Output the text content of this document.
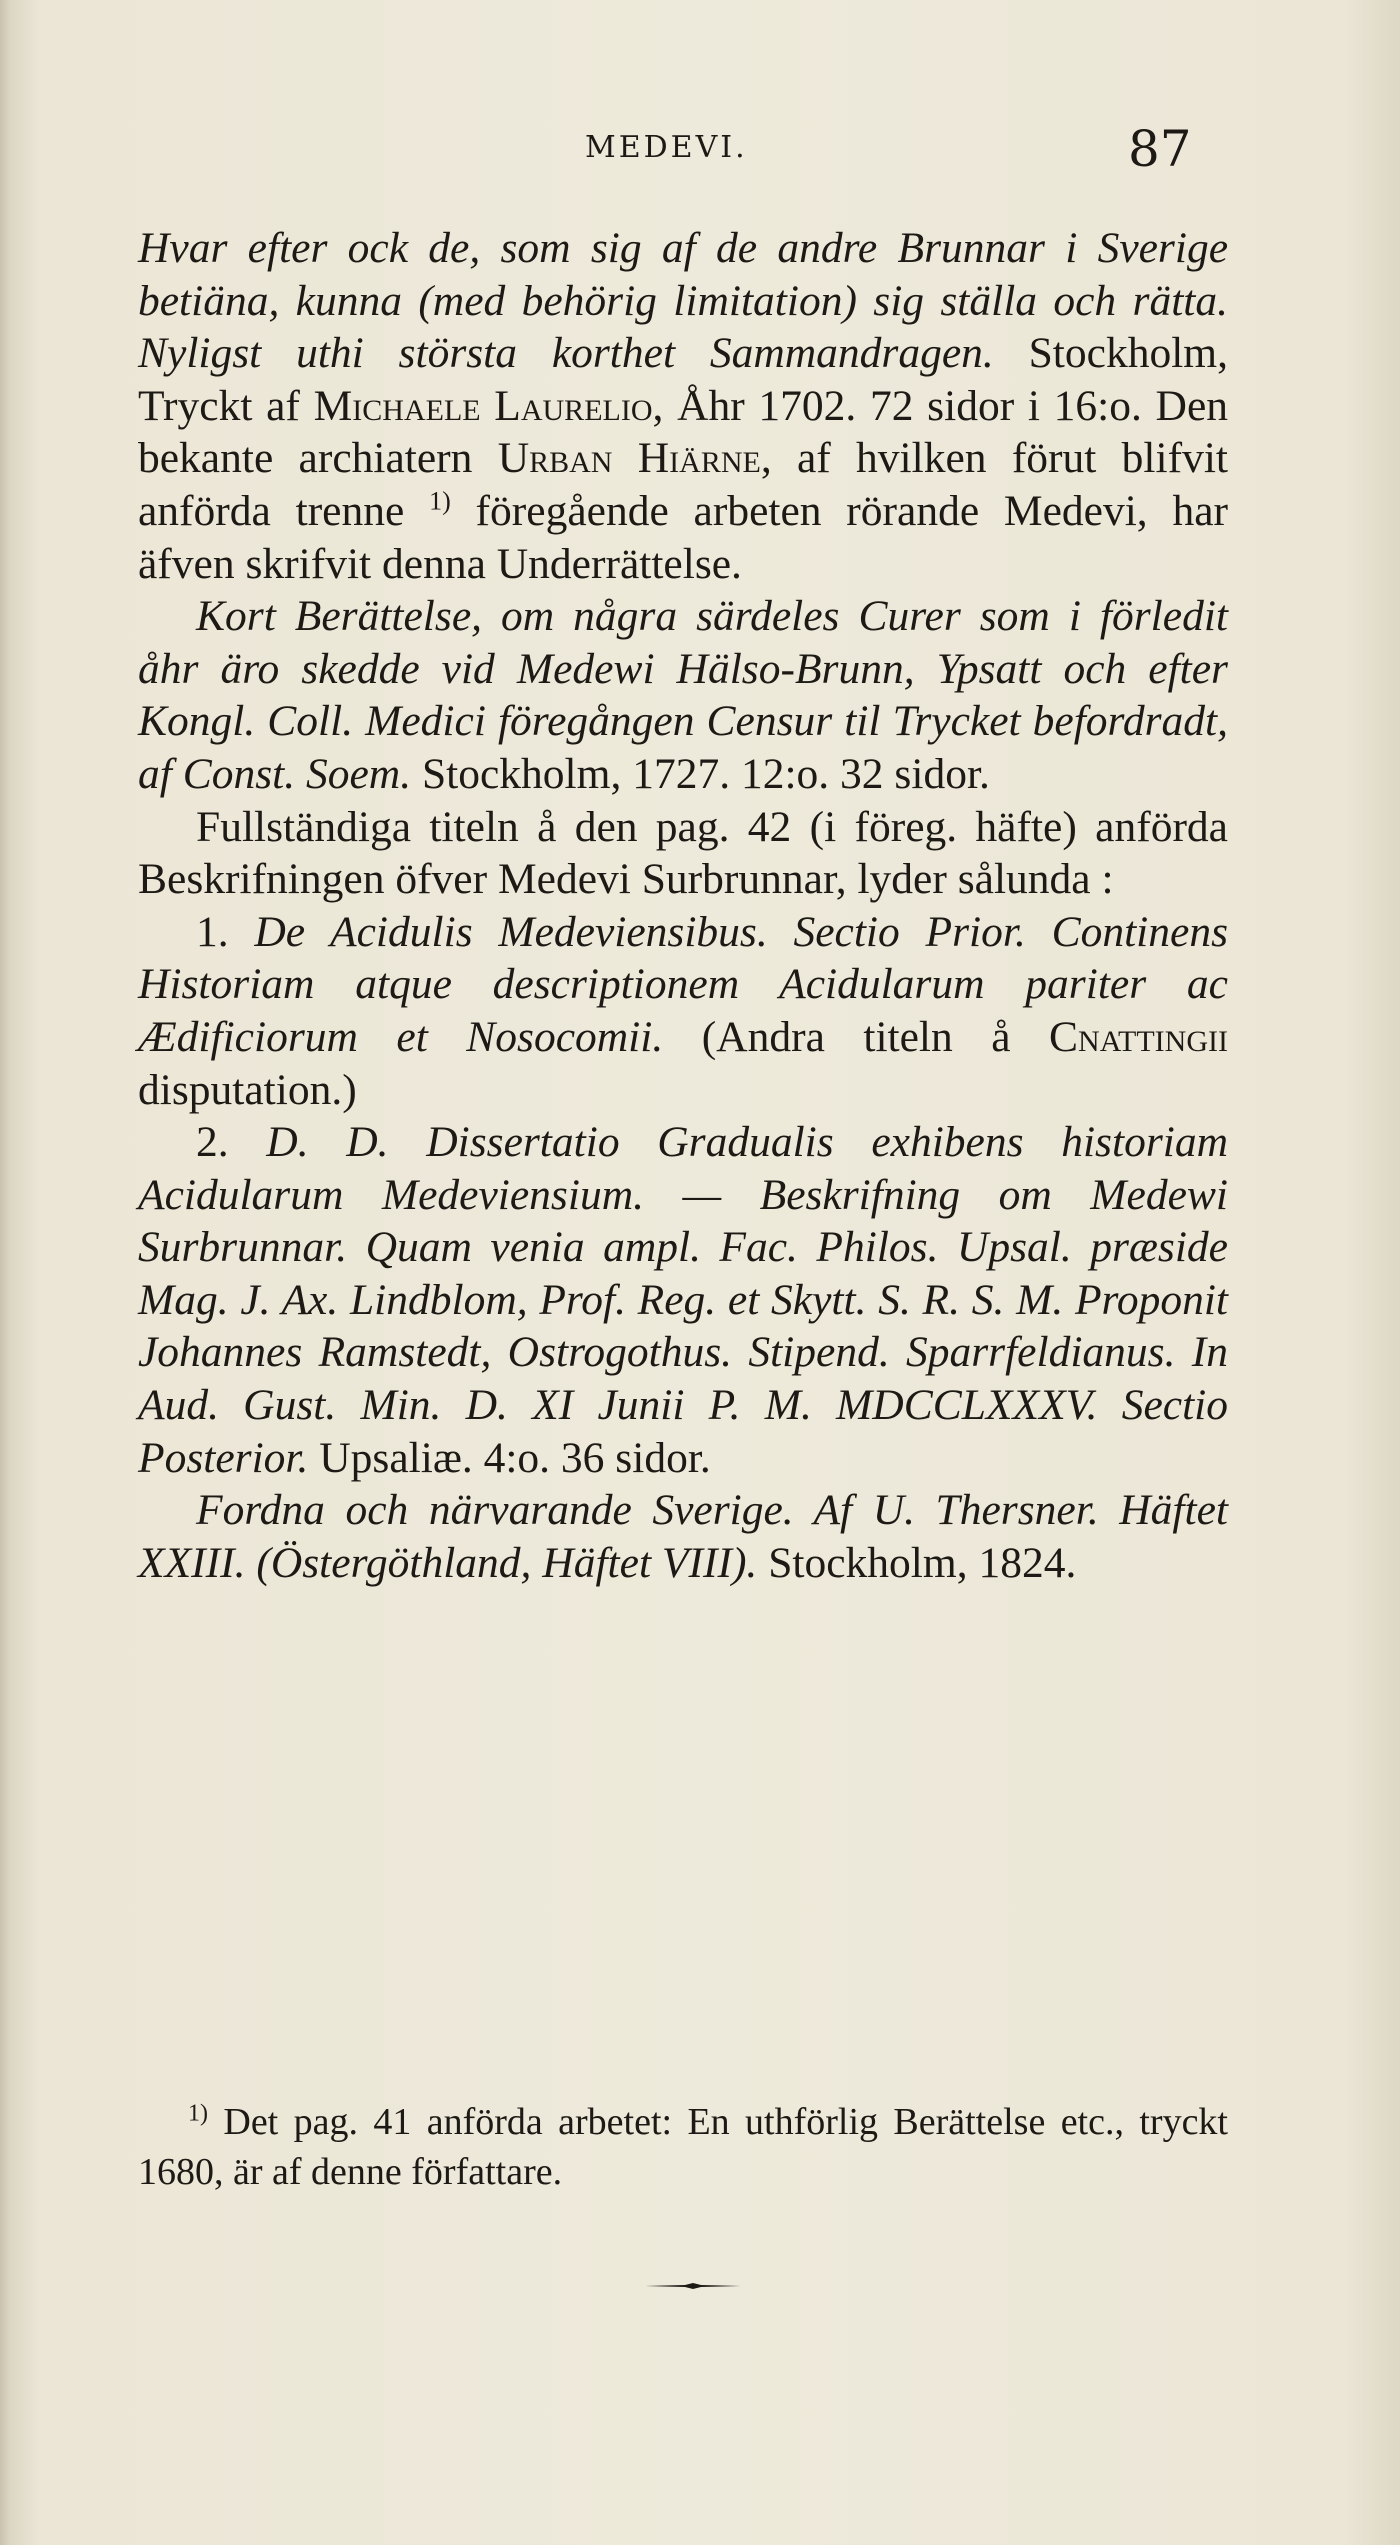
MEDEVI.	87

Hvar efter ock de, som sig af de andre Brunnar i Sverige betiäna, kunna (med behörig limitation) sig ställa och rätta. Nyligst uthi största korthet Sammandragen. Stockholm, Tryckt af Michaele Laurelio, Åhr 1702. 72 sidor i 16:o. Den bekante archiatern Urban Hiärne, af hvilken förut blifvit anförda trenne $^{1)}$ föregående arbeten rörande Medevi, har äfven skrifvit denna Underrättelse.

Kort Berättelse, om några särdeles Curer som i förledit åhr äro skedde vid Medewi Hälso-Brunn, Ypsatt och efter Kongl. Coll. Medici föregången Censur til Trycket befordradt, af Const. Soem. Stockholm, 1727. 12:o. 32 sidor.

Fullständiga titeln å den pag. 42 (i föreg. häfte) anförda Beskrifningen öfver Medevi Surbrunnar, lyder sålunda :

1. De Acidulis Medeviensibus. Sectio Prior. Continens Historiam atque descriptionem Acidularum pariter ac Ædificiorum et Nosocomii. (Andra titeln å Cnattingii disputation.)

2. D. D. Dissertatio Gradualis exhibens historiam Acidularum Medeviensium. — Beskrifning om Medewi Surbrunnar. Quam venia ampl. Fac. Philos. Upsal. præside Mag. J. Ax. Lindblom, Prof. Reg. et Skytt. S. R. S. M. Proponit Johannes Ramstedt, Ostrogothus. Stipend. Sparrfeldianus. In Aud. Gust. Min. D. XI Junii P. M. MDCCLXXXV. Sectio Posterior. Upsaliæ. 4:o. 36 sidor.

Fordna och närvarande Sverige. Af U. Thersner. Häftet XXIII. (Östergöthland, Häftet VIII). Stockholm, 1824.

$^{1)}$ Det pag. 41 anförda arbetet: En uthförlig Berättelse etc., tryckt 1680, är af denne författare.
